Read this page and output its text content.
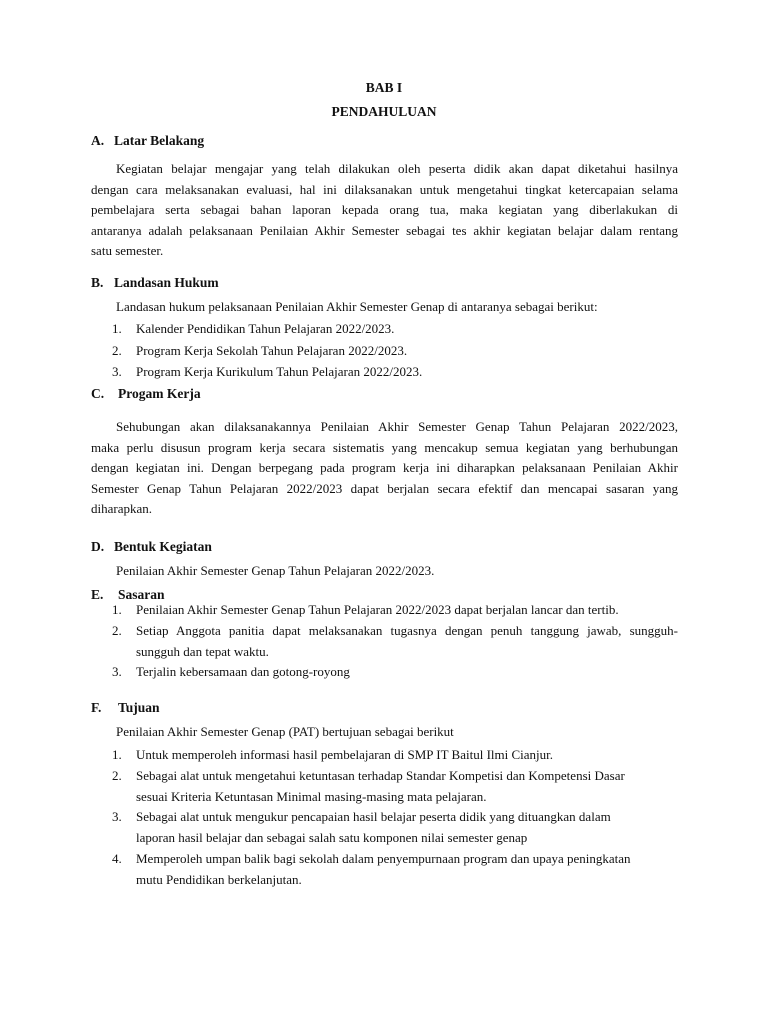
BAB I
PENDAHULUAN
A. Latar Belakang
Kegiatan belajar mengajar yang telah dilakukan oleh peserta didik akan dapat diketahui hasilnya
dengan cara melaksanakan evaluasi, hal ini dilaksanakan untuk mengetahui tingkat ketercapaian selama
pembelajara serta sebagai bahan laporan kepada orang tua, maka kegiatan yang diberlakukan di
antaranya adalah pelaksanaan Penilaian Akhir Semester sebagai tes akhir kegiatan belajar dalam rentang
satu semester.
B. Landasan Hukum
Landasan hukum pelaksanaan Penilaian Akhir Semester Genap di antaranya sebagai berikut:
1. Kalender Pendidikan Tahun Pelajaran 2022/2023.
2. Program Kerja Sekolah Tahun Pelajaran 2022/2023.
3. Program Kerja Kurikulum Tahun Pelajaran 2022/2023.
C. Progam Kerja
Sehubungan akan dilaksanakannya Penilaian Akhir Semester Genap Tahun Pelajaran 2022/2023,
maka perlu disusun program kerja secara sistematis yang mencakup semua kegiatan yang berhubungan
dengan kegiatan ini. Dengan berpegang pada program kerja ini diharapkan pelaksanaan Penilaian Akhir
Semester Genap Tahun Pelajaran 2022/2023 dapat berjalan secara efektif dan mencapai sasaran yang
diharapkan.
D. Bentuk Kegiatan
Penilaian Akhir Semester Genap Tahun Pelajaran 2022/2023.
E. Sasaran
1. Penilaian Akhir Semester Genap Tahun Pelajaran 2022/2023 dapat berjalan lancar dan tertib.
2. Setiap Anggota panitia dapat melaksanakan tugasnya dengan penuh tanggung jawab, sungguh-
sungguh dan tepat waktu.
3. Terjalin kebersamaan dan gotong-royong
F. Tujuan
Penilaian Akhir Semester Genap (PAT) bertujuan sebagai berikut
1. Untuk memperoleh informasi hasil pembelajaran di SMP IT Baitul Ilmi Cianjur.
2. Sebagai alat untuk mengetahui ketuntasan terhadap Standar Kompetisi dan Kompetensi Dasar
sesuai Kriteria Ketuntasan Minimal masing-masing mata pelajaran.
3. Sebagai alat untuk mengukur pencapaian hasil belajar peserta didik yang dituangkan dalam
laporan hasil belajar dan sebagai salah satu komponen nilai semester genap
4. Memperoleh umpan balik bagi sekolah dalam penyempurnaan program dan upaya peningkatan
mutu Pendidikan berkelanjutan.
